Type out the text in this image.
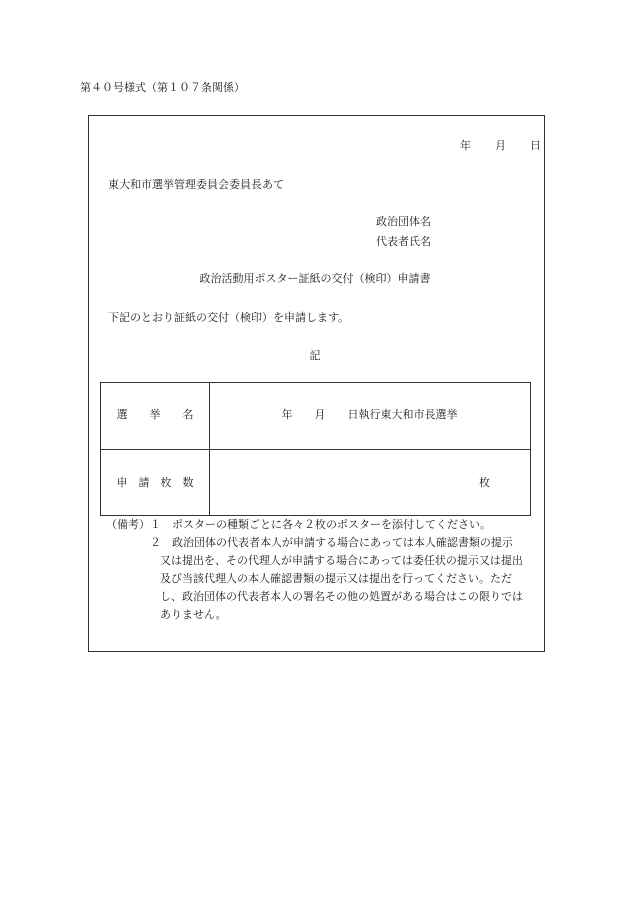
第４０号様式（第１０７条関係）
年 月 日
東大和市選挙管理委員会委員長あて
政治団体名
代表者氏名
政治活動用ポスター証紙の交付（検印）申請書
下記のとおり証紙の交付（検印）を申請します。
記
選　　挙　　名	年　　月　　日執行東大和市長選挙
申　請　枚　数	枚
（備考） １ ポスターの種類ごとに各々２枚のポスターを添付してください。
２ 政治団体の代表者本人が申請する場合にあっては本人確認書類の提示
又は提出を、その代理人が申請する場合にあっては委任状の提示又は提出
及び当該代理人の本人確認書類の提示又は提出を行ってください。ただ
し、政治団体の代表者本人の署名その他の処置がある場合はこの限りでは
ありません。
